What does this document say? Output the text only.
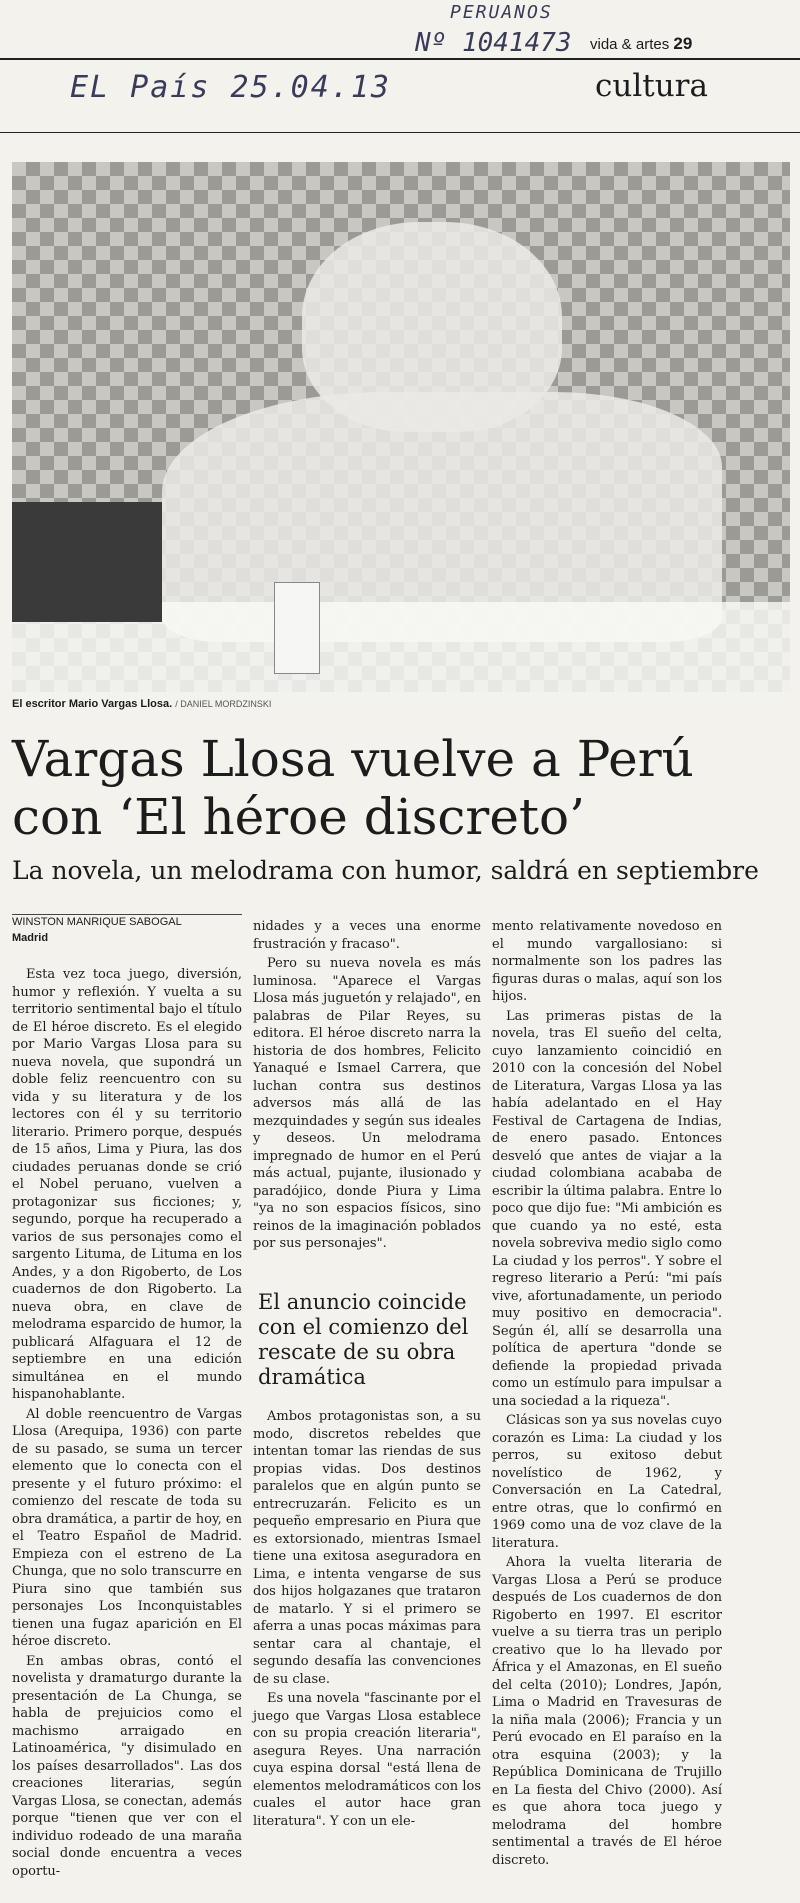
PERUANOS
Nº 1041473 vida & artes 29
EL País 25.04.13	cultura
El escritor Mario Vargas Llosa. / DANIEL MORDZINSKI
Vargas Llosa vuelve a Perú con ‘El héroe discreto’
La novela, un melodrama con humor, saldrá en septiembre
WINSTON MANRIQUE SABOGAL
Madrid

Esta vez toca juego, diversión, humor y reflexión. Y vuelta a su territorio sentimental bajo el título de El héroe discreto. Es el elegido por Mario Vargas Llosa para su nueva novela, que supondrá un doble feliz reencuentro con su vida y su literatura y de los lectores con él y su territorio literario. Primero porque, después de 15 años, Lima y Piura, las dos ciudades peruanas donde se crió el Nobel peruano, vuelven a protagonizar sus ficciones; y, segundo, porque ha recuperado a varios de sus personajes como el sargento Lituma, de Lituma en los Andes, y a don Rigoberto, de Los cuadernos de don Rigoberto. La nueva obra, en clave de melodrama esparcido de humor, la publicará Alfaguara el 12 de septiembre en una edición simultánea en el mundo hispanohablante.

Al doble reencuentro de Vargas Llosa (Arequipa, 1936) con parte de su pasado, se suma un tercer elemento que lo conecta con el presente y el futuro próximo: el comienzo del rescate de toda su obra dramática, a partir de hoy, en el Teatro Español de Madrid. Empieza con el estreno de La Chunga, que no solo transcurre en Piura sino que también sus personajes Los Inconquistables tienen una fugaz aparición en El héroe discreto.

En ambas obras, contó el novelista y dramaturgo durante la presentación de La Chunga, se habla de prejuicios como el machismo arraigado en Latinoamérica, "y disimulado en los países desarrollados". Las dos creaciones literarias, según Vargas Llosa, se conectan, además porque "tienen que ver con el individuo rodeado de una maraña social donde encuentra a veces oportu-

nidades y a veces una enorme frustración y fracaso".

Pero su nueva novela es más luminosa. "Aparece el Vargas Llosa más juguetón y relajado", en palabras de Pilar Reyes, su editora. El héroe discreto narra la historia de dos hombres, Felicito Yanaqué e Ismael Carrera, que luchan contra sus destinos adversos más allá de las mezquindades y según sus ideales y deseos. Un melodrama impregnado de humor en el Perú más actual, pujante, ilusionado y paradójico, donde Piura y Lima "ya no son espacios físicos, sino reinos de la imaginación poblados por sus personajes".

El anuncio coincide con el comienzo del rescate de su obra dramática

Ambos protagonistas son, a su modo, discretos rebeldes que intentan tomar las riendas de sus propias vidas. Dos destinos paralelos que en algún punto se entrecruzarán. Felicito es un pequeño empresario en Piura que es extorsionado, mientras Ismael tiene una exitosa aseguradora en Lima, e intenta vengarse de sus dos hijos holgazanes que trataron de matarlo. Y si el primero se aferra a unas pocas máximas para sentar cara al chantaje, el segundo desafía las convenciones de su clase.

Es una novela "fascinante por el juego que Vargas Llosa establece con su propia creación literaria", asegura Reyes. Una narración cuya espina dorsal "está llena de elementos melodramáticos con los cuales el autor hace gran literatura". Y con un ele-

mento relativamente novedoso en el mundo vargallosiano: si normalmente son los padres las figuras duras o malas, aquí son los hijos.

Las primeras pistas de la novela, tras El sueño del celta, cuyo lanzamiento coincidió en 2010 con la concesión del Nobel de Literatura, Vargas Llosa ya las había adelantado en el Hay Festival de Cartagena de Indias, de enero pasado. Entonces desveló que antes de viajar a la ciudad colombiana acababa de escribir la última palabra. Entre lo poco que dijo fue: "Mi ambición es que cuando ya no esté, esta novela sobreviva medio siglo como La ciudad y los perros". Y sobre el regreso literario a Perú: "mi país vive, afortunadamente, un periodo muy positivo en democracia". Según él, allí se desarrolla una política de apertura "donde se defiende la propiedad privada como un estímulo para impulsar a una sociedad a la riqueza".

Clásicas son ya sus novelas cuyo corazón es Lima: La ciudad y los perros, su exitoso debut novelístico de 1962, y Conversación en La Catedral, entre otras, que lo confirmó en 1969 como una de voz clave de la literatura.

Ahora la vuelta literaria de Vargas Llosa a Perú se produce después de Los cuadernos de don Rigoberto en 1997. El escritor vuelve a su tierra tras un periplo creativo que lo ha llevado por África y el Amazonas, en El sueño del celta (2010); Londres, Japón, Lima o Madrid en Travesuras de la niña mala (2006); Francia y un Perú evocado en El paraíso en la otra esquina (2003); y la República Dominicana de Trujillo en La fiesta del Chivo (2000). Así es que ahora toca juego y melodrama del hombre sentimental a través de El héroe discreto.
